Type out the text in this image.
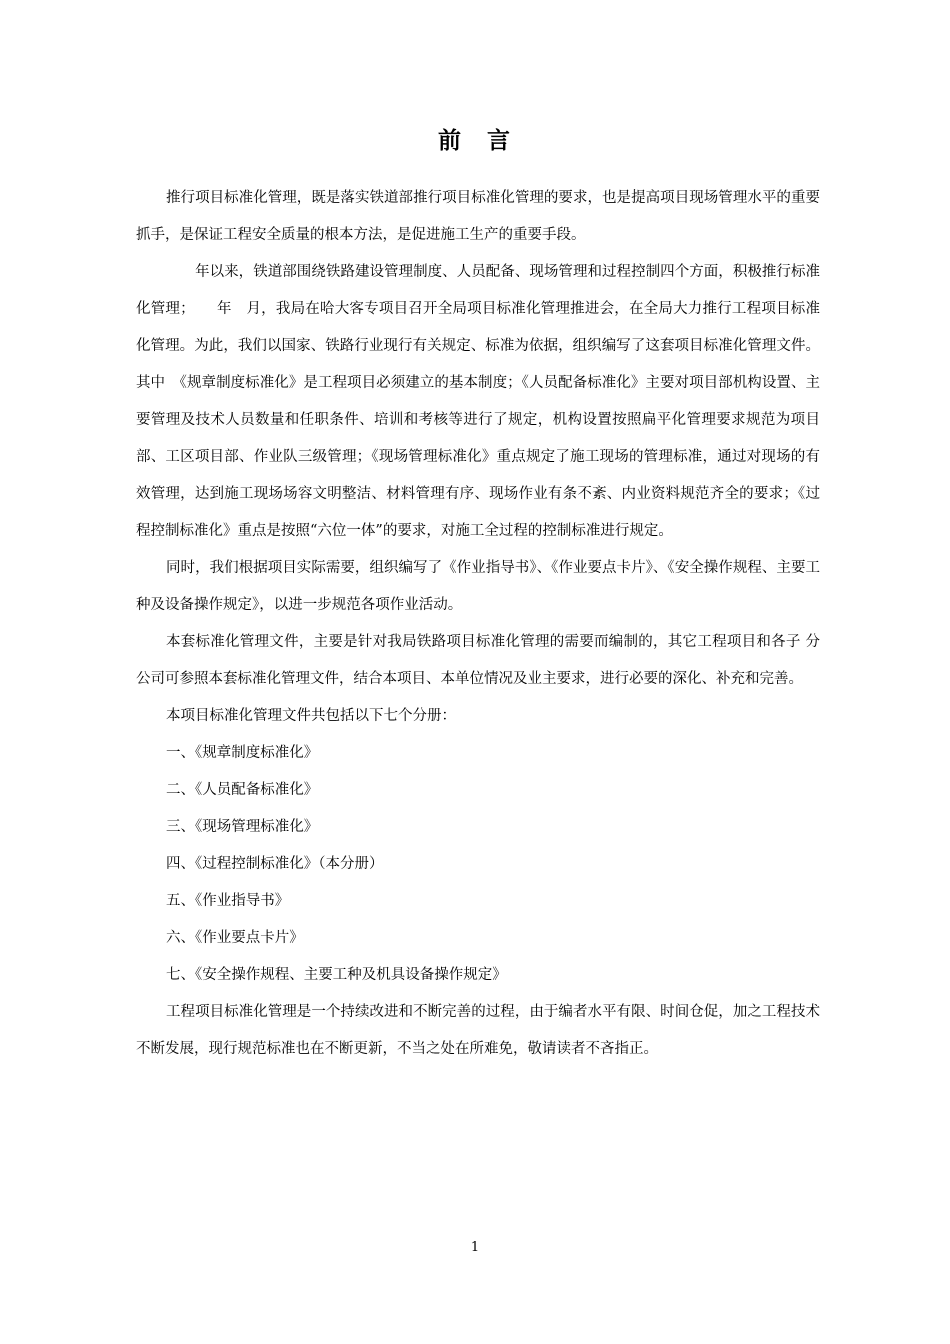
前 言

推行项目标准化管理，既是落实铁道部推行项目标准化管理的要求，也是提高项目现场管理水平的重要抓手，是保证工程安全质量的根本方法，是促进施工生产的重要手段。

　　年以来，铁道部围绕铁路建设管理制度、人员配备、现场管理和过程控制四个方面，积极推行标准化管理；　　年　月，我局在哈大客专项目召开全局项目标准化管理推进会，在全局大力推行工程项目标准化管理。为此，我们以国家、铁路行业现行有关规定、标准为依据，组织编写了这套项目标准化管理文件。其中　《规章制度标准化》是工程项目必须建立的基本制度；《人员配备标准化》主要对项目部机构设置、主要管理及技术人员数量和任职条件、培训和考核等进行了规定，机构设置按照扁平化管理要求规范为项目部、工区项目部、作业队三级管理；《现场管理标准化》重点规定了施工现场的管理标准，通过对现场的有效管理，达到施工现场场容文明整洁、材料管理有序、现场作业有条不紊、内业资料规范齐全的要求；《过程控制标准化》重点是按照“六位一体”的要求，对施工全过程的控制标准进行规定。

同时，我们根据项目实际需要，组织编写了《作业指导书》、《作业要点卡片》、《安全操作规程、主要工种及设备操作规定》，以进一步规范各项作业活动。

本套标准化管理文件，主要是针对我局铁路项目标准化管理的需要而编制的，其它工程项目和各子 分公司可参照本套标准化管理文件，结合本项目、本单位情况及业主要求，进行必要的深化、补充和完善。

本项目标准化管理文件共包括以下七个分册：

一、《规章制度标准化》

二、《人员配备标准化》

三、《现场管理标准化》

四、《过程控制标准化》（本分册）

五、《作业指导书》

六、《作业要点卡片》

七、《安全操作规程、主要工种及机具设备操作规定》

工程项目标准化管理是一个持续改进和不断完善的过程，由于编者水平有限、时间仓促，加之工程技术不断发展，现行规范标准也在不断更新，不当之处在所难免，敬请读者不吝指正。

1
